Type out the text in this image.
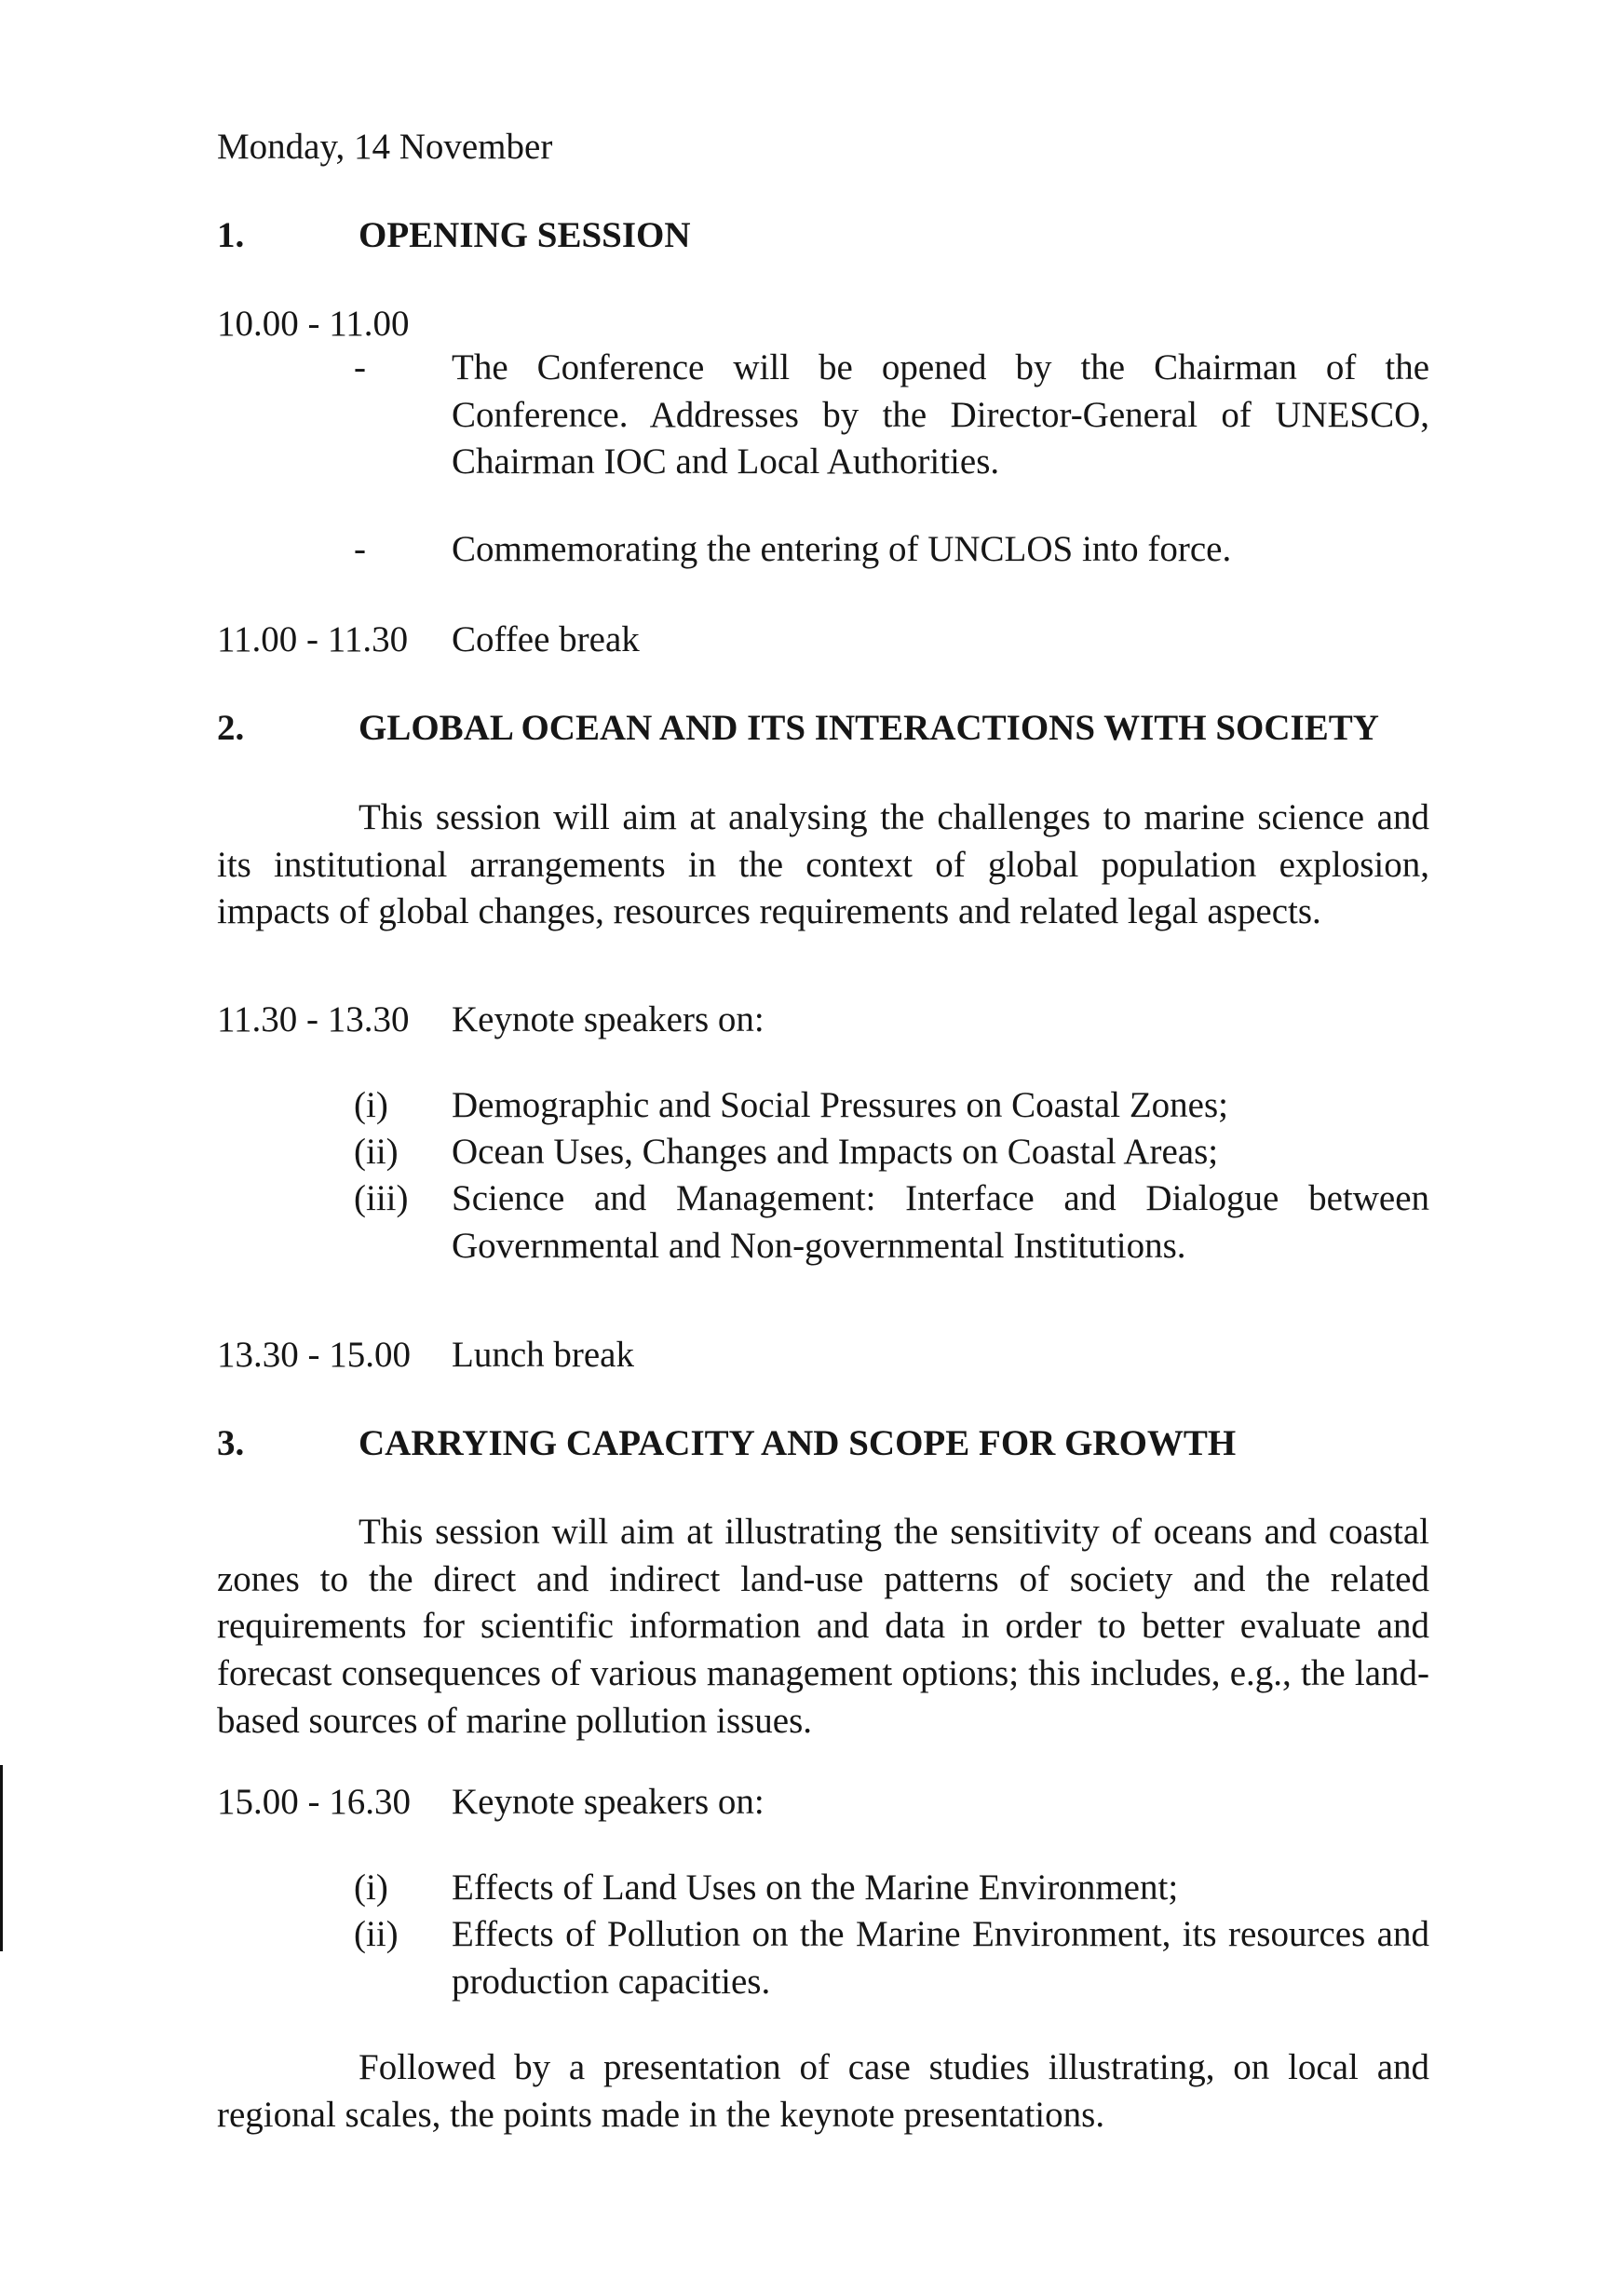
Monday, 14 November

1.	OPENING SESSION

10.00 - 11.00

- The Conference will be opened by the Chairman of the Conference. Addresses by the Director-General of UNESCO, Chairman IOC and Local Authorities.
- Commemorating the entering of UNCLOS into force.
11.00 - 11.30 Coffee break
2.	GLOBAL OCEAN AND ITS INTERACTIONS WITH SOCIETY

This session will aim at analysing the challenges to marine science and its institutional arrangements in the context of global population explosion, impacts of global changes, resources requirements and related legal aspects.

11.30 - 13.30 Keynote speakers on:
(i) Demographic and Social Pressures on Coastal Zones;
(ii) Ocean Uses, Changes and Impacts on Coastal Areas;
(iii) Science and Management: Interface and Dialogue between Governmental and Non-governmental Institutions.
13.30 - 15.00 Lunch break
3.	CARRYING CAPACITY AND SCOPE FOR GROWTH

This session will aim at illustrating the sensitivity of oceans and coastal zones to the direct and indirect land-use patterns of society and the related requirements for scientific information and data in order to better evaluate and forecast consequences of various management options; this includes, e.g., the land-based sources of marine pollution issues.

15.00 - 16.30 Keynote speakers on:
(i) Effects of Land Uses on the Marine Environment;
(ii) Effects of Pollution on the Marine Environment, its resources and production capacities.

Followed by a presentation of case studies illustrating, on local and regional scales, the points made in the keynote presentations.
